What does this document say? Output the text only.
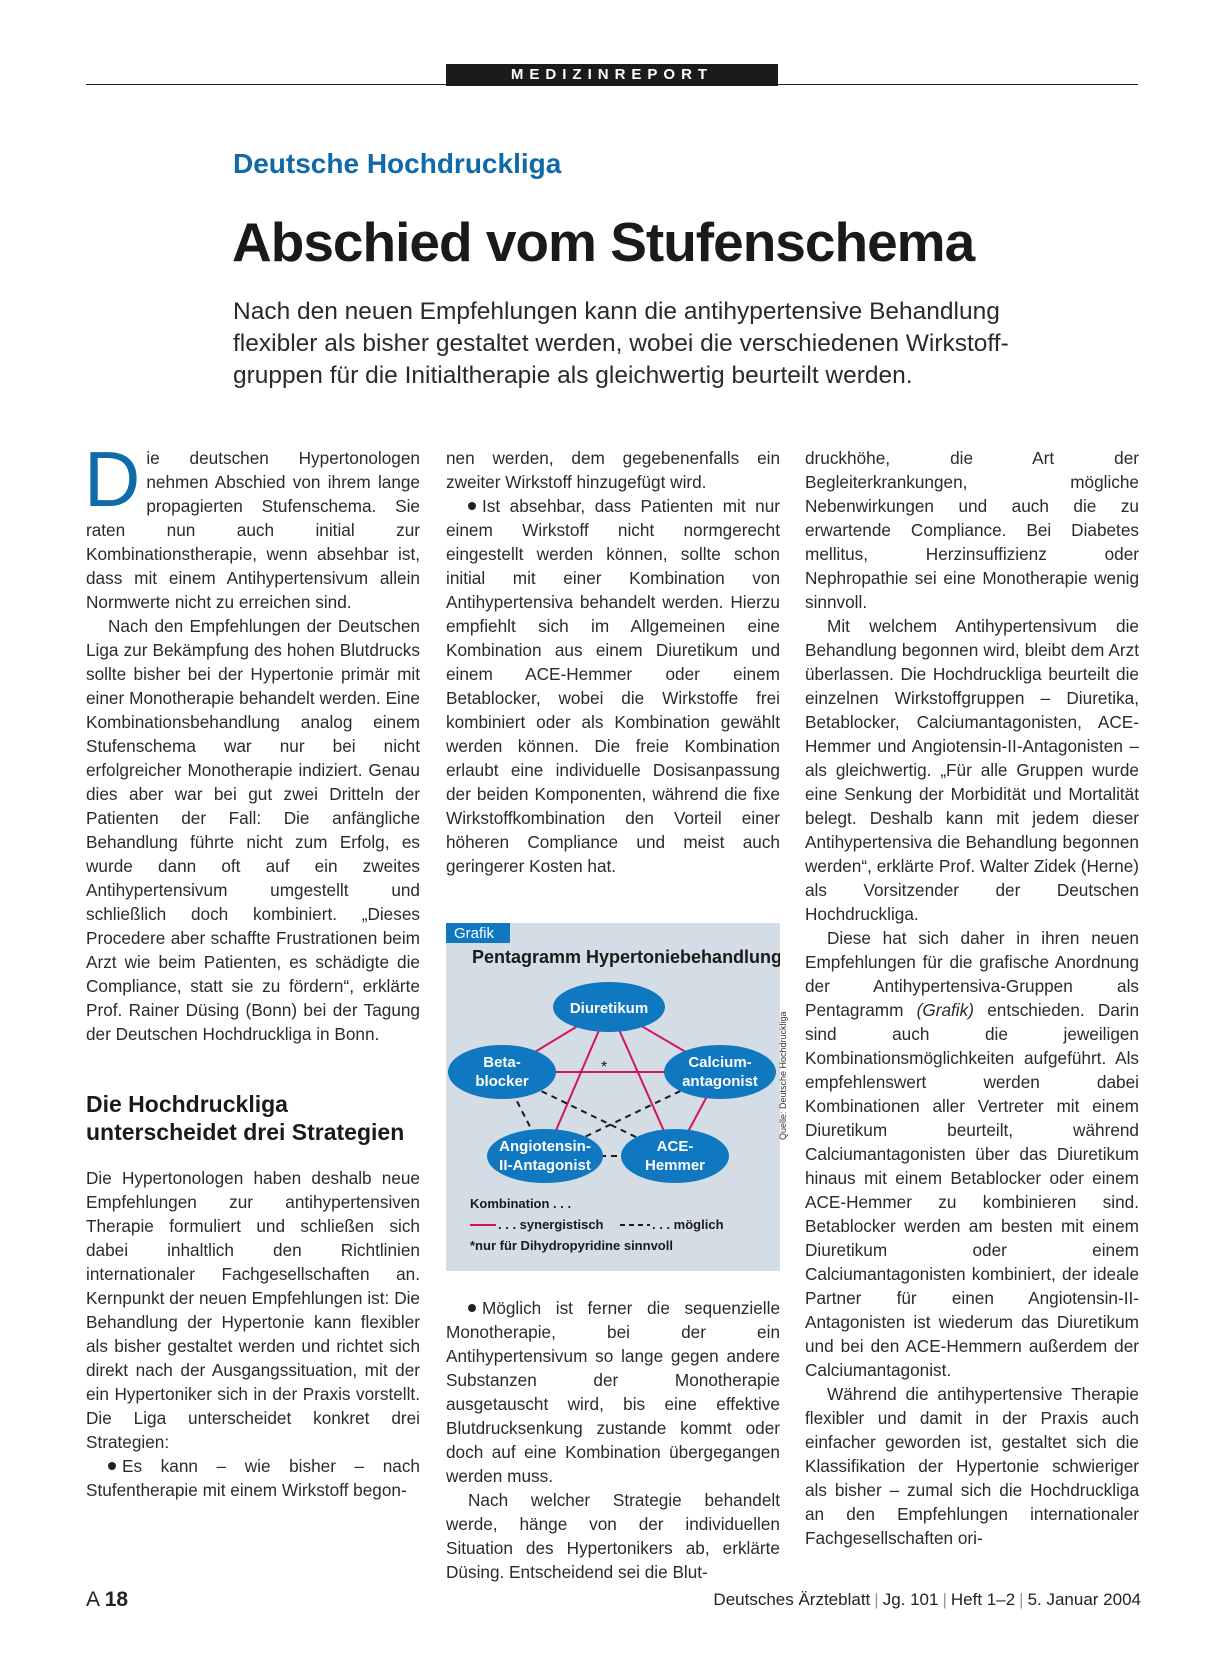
MEDIZINREPORT
Deutsche Hochdruckliga
Abschied vom Stufenschema
Nach den neuen Empfehlungen kann die antihypertensive Behandlung flexibler als bisher gestaltet werden, wobei die verschiedenen Wirkstoff-gruppen für die Initialtherapie als gleichwertig beurteilt werden.

Die deutschen Hypertonologen nehmen Abschied von ihrem lange propagierten Stufenschema. Sie raten nun auch initial zur Kombinationstherapie, wenn absehbar ist, dass mit einem Antihypertensivum allein Normwerte nicht zu erreichen sind.

Nach den Empfehlungen der Deutschen Liga zur Bekämpfung des hohen Blutdrucks sollte bisher bei der Hypertonie primär mit einer Monotherapie behandelt werden. Eine Kombinationsbehandlung analog einem Stufenschema war nur bei nicht erfolgreicher Monotherapie indiziert. Genau dies aber war bei gut zwei Dritteln der Patienten der Fall: Die anfängliche Behandlung führte nicht zum Erfolg, es wurde dann oft auf ein zweites Antihypertensivum umgestellt und schließlich doch kombiniert. „Dieses Procedere aber schaffte Frustrationen beim Arzt wie beim Patienten, es schädigte die Compliance, statt sie zu fördern“, erklärte Prof. Rainer Düsing (Bonn) bei der Tagung der Deutschen Hochdruckliga in Bonn.

Die Hochdruckliga unterscheidet drei Strategien

Die Hypertonologen haben deshalb neue Empfehlungen zur antihypertensiven Therapie formuliert und schließen sich dabei inhaltlich den Richtlinien internationaler Fachgesellschaften an. Kernpunkt der neuen Empfehlungen ist: Die Behandlung der Hypertonie kann flexibler als bisher gestaltet werden und richtet sich direkt nach der Ausgangssituation, mit der ein Hypertoniker sich in der Praxis vorstellt. Die Liga unterscheidet konkret drei Strategien:

Es kann – wie bisher – nach Stufentherapie mit einem Wirkstoff begon-

nen werden, dem gegebenenfalls ein zweiter Wirkstoff hinzugefügt wird.

Ist absehbar, dass Patienten mit nur einem Wirkstoff nicht normgerecht eingestellt werden können, sollte schon initial mit einer Kombination von Antihypertensiva behandelt werden. Hierzu empfiehlt sich im Allgemeinen eine Kombination aus einem Diuretikum und einem ACE-Hemmer oder einem Betablocker, wobei die Wirkstoffe frei kombiniert oder als Kombination gewählt werden können. Die freie Kombination erlaubt eine individuelle Dosisanpassung der beiden Komponenten, während die fixe Wirkstoffkombination den Vorteil einer höheren Compliance und meist auch geringerer Kosten hat.

Grafik
Pentagramm Hypertoniebehandlung
*
Diuretikum
Beta-
blocker
Calcium-
antagonist
Angiotensin-
II-Antagonist
ACE-
Hemmer
Kombination . . .
. . . synergistisch	. . . möglich
*nur für Dihydropyridine sinnvoll
Quelle: Deutsche Hochdruckliga

Möglich ist ferner die sequenzielle Monotherapie, bei der ein Antihypertensivum so lange gegen andere Substanzen der Monotherapie ausgetauscht wird, bis eine effektive Blutdrucksenkung zustande kommt oder doch auf eine Kombination übergegangen werden muss.

Nach welcher Strategie behandelt werde, hänge von der individuellen Situation des Hypertonikers ab, erklärte Düsing. Entscheidend sei die Blut-

druckhöhe, die Art der Begleiterkrankungen, mögliche Nebenwirkungen und auch die zu erwartende Compliance. Bei Diabetes mellitus, Herzinsuffizienz oder Nephropathie sei eine Monotherapie wenig sinnvoll.

Mit welchem Antihypertensivum die Behandlung begonnen wird, bleibt dem Arzt überlassen. Die Hochdruckliga beurteilt die einzelnen Wirkstoffgruppen – Diuretika, Betablocker, Calciumantagonisten, ACE-Hemmer und Angiotensin-II-Antagonisten – als gleichwertig. „Für alle Gruppen wurde eine Senkung der Morbidität und Mortalität belegt. Deshalb kann mit jedem dieser Antihypertensiva die Behandlung begonnen werden“, erklärte Prof. Walter Zidek (Herne) als Vorsitzender der Deutschen Hochdruckliga.

Diese hat sich daher in ihren neuen Empfehlungen für die grafische Anordnung der Antihypertensiva-Gruppen als Pentagramm (Grafik) entschieden. Darin sind auch die jeweiligen Kombinationsmöglichkeiten aufgeführt. Als empfehlenswert werden dabei Kombinationen aller Vertreter mit einem Diuretikum beurteilt, während Calciumantagonisten über das Diuretikum hinaus mit einem Betablocker oder einem ACE-Hemmer zu kombinieren sind. Betablocker werden am besten mit einem Diuretikum oder einem Calciumantagonisten kombiniert, der ideale Partner für einen Angiotensin-II-Antagonisten ist wiederum das Diuretikum und bei den ACE-Hemmern außerdem der Calciumantagonist.

Während die antihypertensive Therapie flexibler und damit in der Praxis auch einfacher geworden ist, gestaltet sich die Klassifikation der Hypertonie schwieriger als bisher – zumal sich die Hochdruckliga an den Empfehlungen internationaler Fachgesellschaften ori-

A 18	Deutsches Ärzteblatt | Jg. 101 | Heft 1–2 | 5. Januar 2004
